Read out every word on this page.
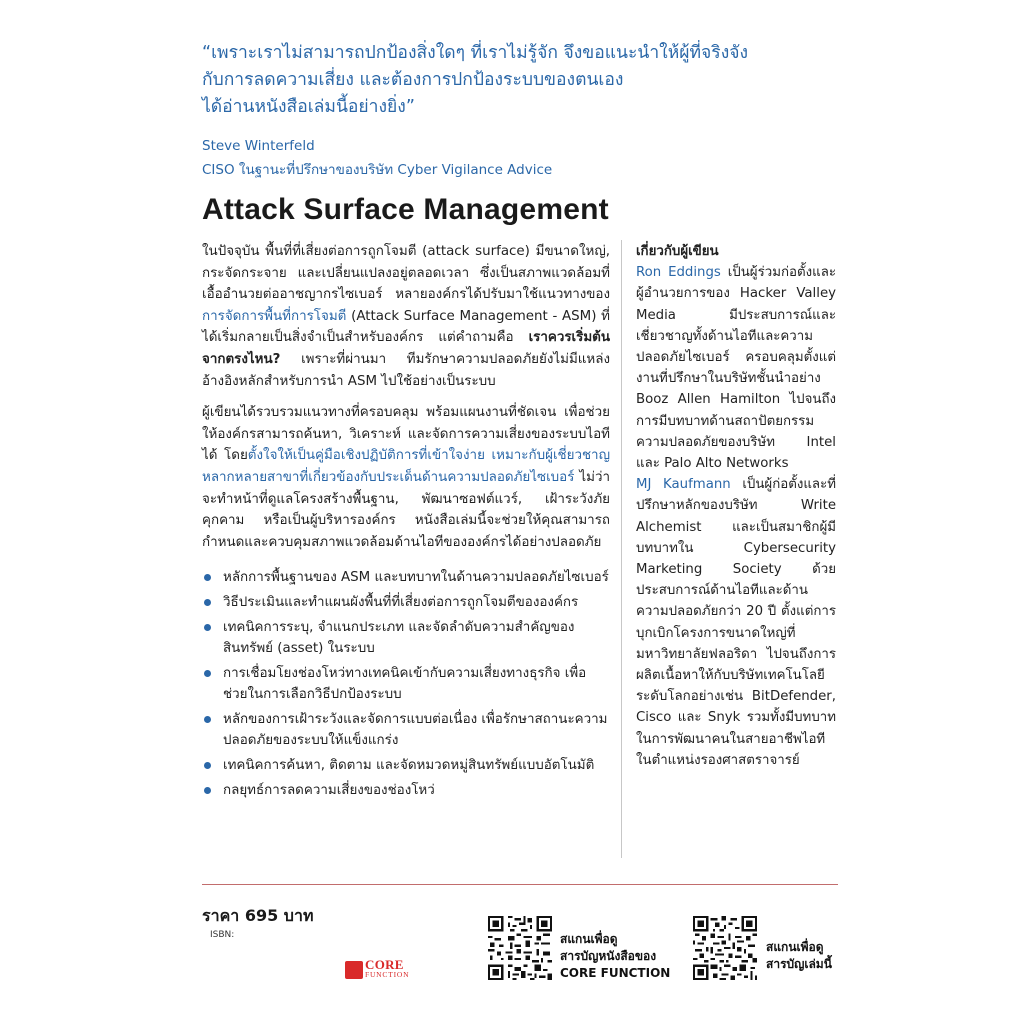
“เพราะเราไม่สามารถปกป้องสิ่งใดๆ ที่เราไม่รู้จัก จึงขอแนะนำให้ผู้ที่จริงจัง
กับการลดความเสี่ยง และต้องการปกป้องระบบของตนเอง
ได้อ่านหนังสือเล่มนี้อย่างยิ่ง”

Steve Winterfeld
CISO ในฐานะที่ปรึกษาของบริษัท Cyber Vigilance Advice
Attack Surface Management

ในปัจจุบัน พื้นที่ที่เสี่ยงต่อการถูกโจมตี (attack surface) มีขนาดใหญ่, กระจัดกระจาย และเปลี่ยนแปลงอยู่ตลอดเวลา ซึ่งเป็นสภาพแวดล้อมที่เอื้ออำนวยต่ออาชญากรไซเบอร์ หลายองค์กรได้ปรับมาใช้แนวทางของ การจัดการพื้นที่การโจมตี (Attack Surface Management - ASM) ที่ได้เริ่มกลายเป็นสิ่งจำเป็นสำหรับองค์กร แต่คำถามคือ เราควรเริ่มต้นจากตรงไหน? เพราะที่ผ่านมา ทีมรักษาความปลอดภัยยังไม่มีแหล่งอ้างอิงหลักสำหรับการนำ ASM ไปใช้อย่างเป็นระบบ

ผู้เขียนได้รวบรวมแนวทางที่ครอบคลุม พร้อมแผนงานที่ชัดเจน เพื่อช่วยให้องค์กรสามารถค้นหา, วิเคราะห์ และจัดการความเสี่ยงของระบบไอทีได้ โดยตั้งใจให้เป็นคู่มือเชิงปฏิบัติการที่เข้าใจง่าย เหมาะกับผู้เชี่ยวชาญหลากหลายสาขาที่เกี่ยวข้องกับประเด็นด้านความปลอดภัยไซเบอร์ ไม่ว่าจะทำหน้าที่ดูแลโครงสร้างพื้นฐาน, พัฒนาซอฟต์แวร์, เฝ้าระวังภัยคุกคาม หรือเป็นผู้บริหารองค์กร หนังสือเล่มนี้จะช่วยให้คุณสามารถกำหนดและควบคุมสภาพแวดล้อมด้านไอทีขององค์กรได้อย่างปลอดภัย

หลักการพื้นฐานของ ASM และบทบาทในด้านความปลอดภัยไซเบอร์
วิธีประเมินและทำแผนผังพื้นที่ที่เสี่ยงต่อการถูกโจมตีขององค์กร
เทคนิคการระบุ, จำแนกประเภท และจัดลำดับความสำคัญของสินทรัพย์ (asset) ในระบบ
การเชื่อมโยงช่องโหว่ทางเทคนิคเข้ากับความเสี่ยงทางธุรกิจ เพื่อช่วยในการเลือกวิธีปกป้องระบบ
หลักของการเฝ้าระวังและจัดการแบบต่อเนื่อง เพื่อรักษาสถานะความปลอดภัยของระบบให้แข็งแกร่ง
เทคนิคการค้นหา, ติดตาม และจัดหมวดหมู่สินทรัพย์แบบอัตโนมัติ
กลยุทธ์การลดความเสี่ยงของช่องโหว่
เกี่ยวกับผู้เขียน

Ron Eddings เป็นผู้ร่วมก่อตั้งและผู้อำนวยการของ Hacker Valley Media มีประสบการณ์และเชี่ยวชาญทั้งด้านไอทีและความปลอดภัยไซเบอร์ ครอบคลุมตั้งแต่งานที่ปรึกษาในบริษัทชั้นนำอย่าง Booz Allen Hamilton ไปจนถึงการมีบทบาทด้านสถาปัตยกรรมความปลอดภัยของบริษัท Intel และ Palo Alto Networks

MJ Kaufmann เป็นผู้ก่อตั้งและที่ปรึกษาหลักของบริษัท Write Alchemist และเป็นสมาชิกผู้มีบทบาทใน Cybersecurity Marketing Society ด้วยประสบการณ์ด้านไอทีและด้านความปลอดภัยกว่า 20 ปี ตั้งแต่การบุกเบิกโครงการขนาดใหญ่ที่มหาวิทยาลัยฟลอริดา ไปจนถึงการผลิตเนื้อหาให้กับบริษัทเทคโนโลยีระดับโลกอย่างเช่น BitDefender, Cisco และ Snyk รวมทั้งมีบทบาทในการพัฒนาคนในสายอาชีพไอทีในตำแหน่งรองศาสตราจารย์

ราคา 695 บาท
ISBN:
CORE
FUNCTION
สแกนเพื่อดู
สารบัญหนังสือของ
CORE FUNCTION
สแกนเพื่อดู
สารบัญเล่มนี้
